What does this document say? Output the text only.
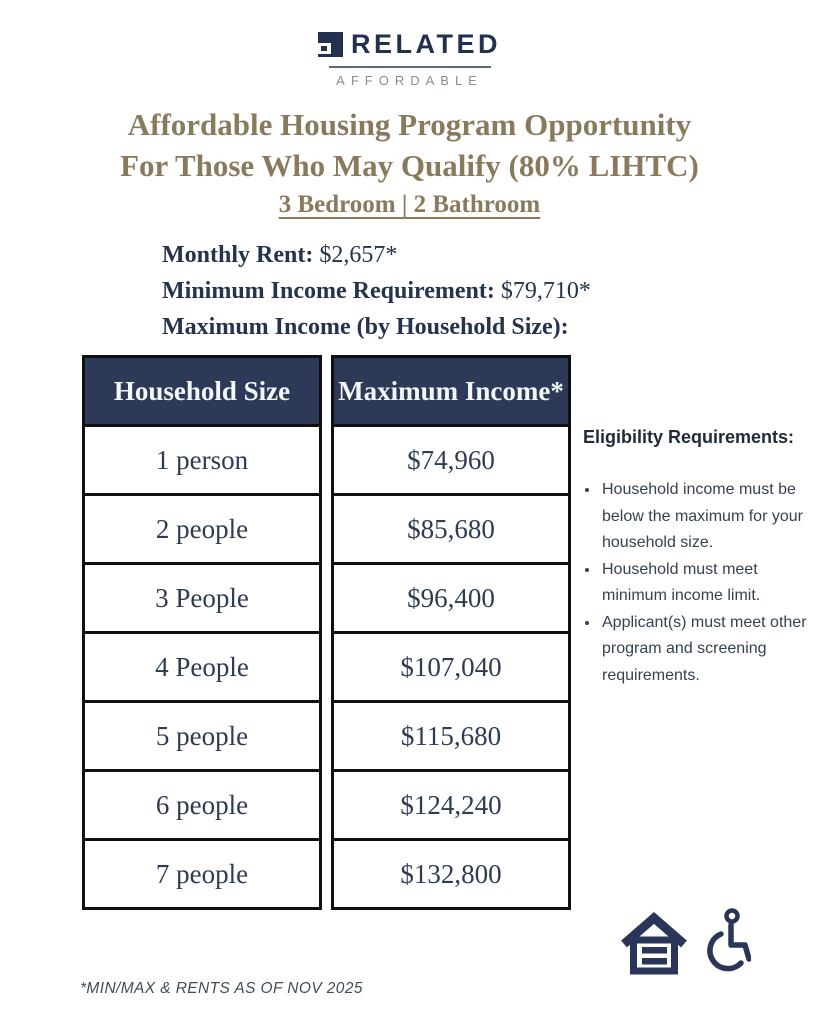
RELATED
AFFORDABLE
Affordable Housing Program Opportunity
For Those Who May Qualify (80% LIHTC)
3 Bedroom | 2 Bathroom
Monthly Rent: $2,657*
Minimum Income Requirement: $79,710*
Maximum Income (by Household Size):
Household Size	Maximum Income*
1 person	$74,960
2 people	$85,680
3 People	$96,400
4 People	$107,040
5 people	$115,680
6 people	$124,240
7 people	$132,800
Eligibility Requirements:
• Household income must be below the maximum for your household size.
• Household must meet minimum income limit.
• Applicant(s) must meet other program and screening requirements.
*MIN/MAX & RENTS AS OF NOV 2025
